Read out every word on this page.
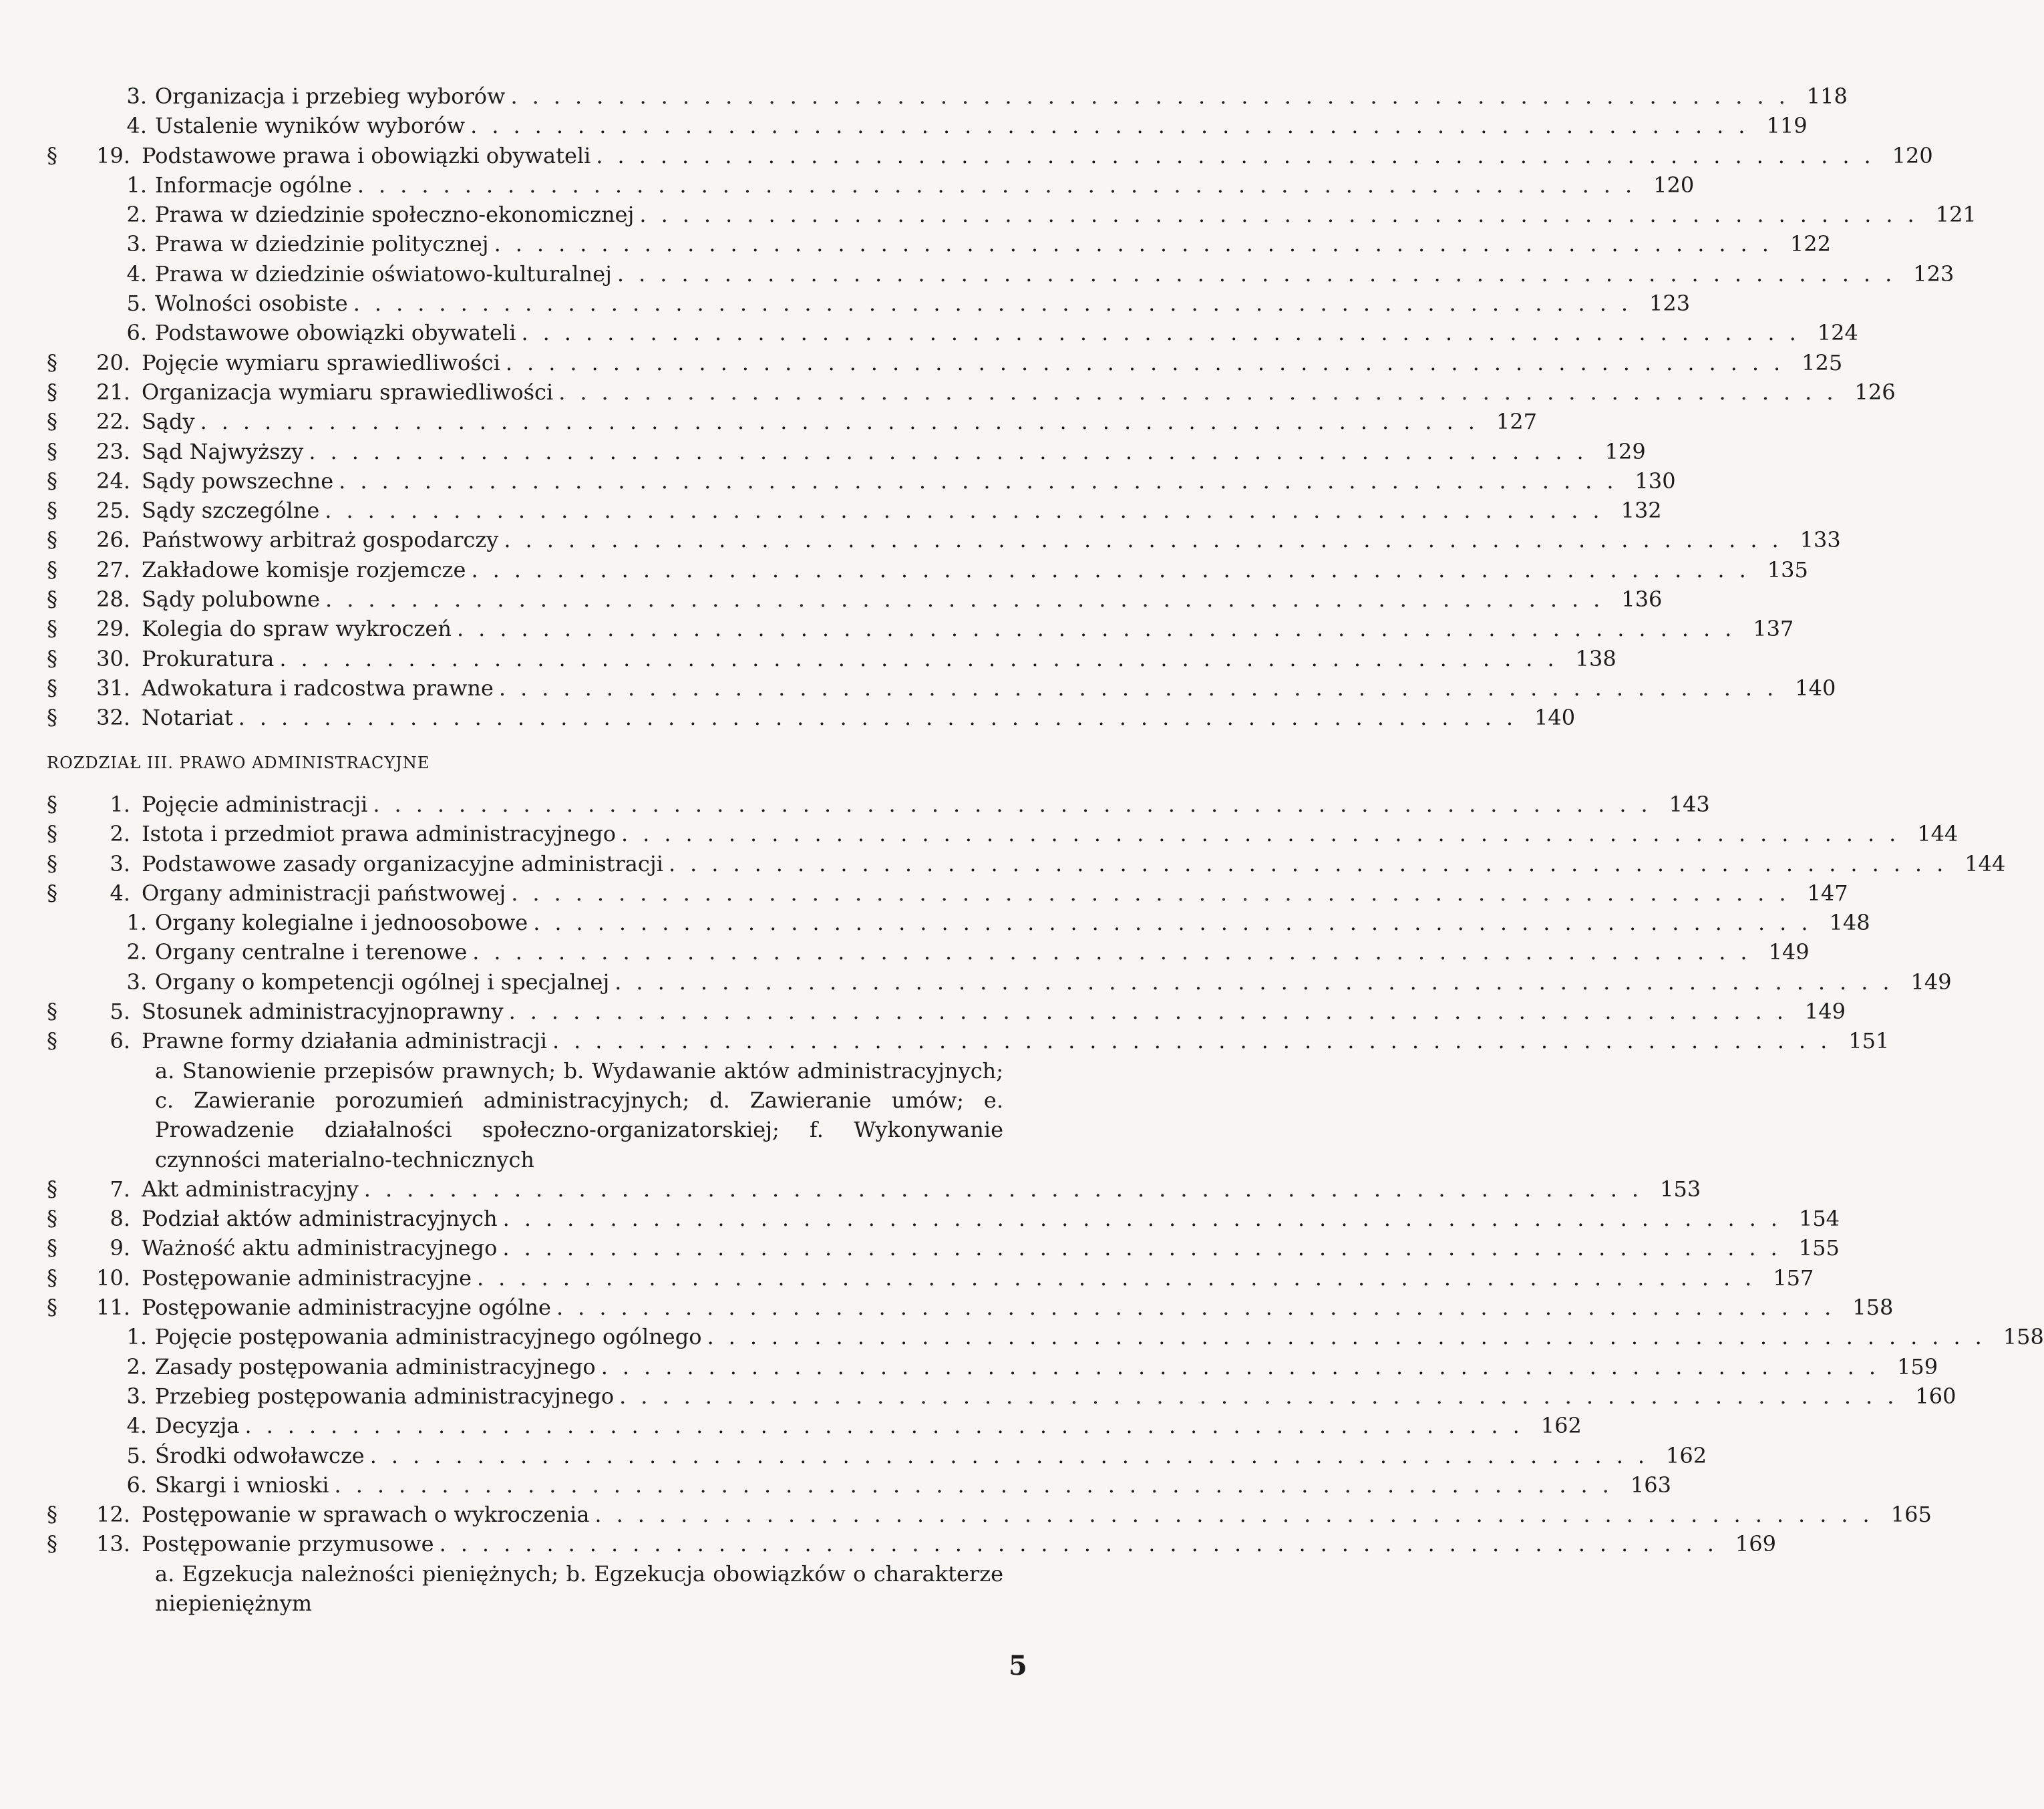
3. Organizacja i przebieg wyborów ............................................................ 118
4. Ustalenie wyników wyborów ............................................................ 119
§	19. Podstawowe prawa i obowiązki obywateli ............................................................ 120
1. Informacje ogólne ............................................................ 120
2. Prawa w dziedzinie społeczno-ekonomicznej ............................................................ 121
3. Prawa w dziedzinie politycznej ............................................................ 122
4. Prawa w dziedzinie oświatowo-kulturalnej ............................................................ 123
5. Wolności osobiste ............................................................ 123
6. Podstawowe obowiązki obywateli ............................................................ 124
§	20. Pojęcie wymiaru sprawiedliwości ............................................................ 125
§	21. Organizacja wymiaru sprawiedliwości ............................................................ 126
§	22. Sądy ............................................................ 127
§	23. Sąd Najwyższy ............................................................ 129
§	24. Sądy powszechne ............................................................ 130
§	25. Sądy szczególne ............................................................ 132
§	26. Państwowy arbitraż gospodarczy ............................................................ 133
§	27. Zakładowe komisje rozjemcze ............................................................ 135
§	28. Sądy polubowne ............................................................ 136
§	29. Kolegia do spraw wykroczeń ............................................................ 137
§	30. Prokuratura ............................................................ 138
§	31. Adwokatura i radcostwa prawne ............................................................ 140
§	32. Notariat ............................................................ 140
ROZDZIAŁ III. PRAWO ADMINISTRACYJNE
§	1. Pojęcie administracji ............................................................ 143
§	2. Istota i przedmiot prawa administracyjnego ............................................................ 144
§	3. Podstawowe zasady organizacyjne administracji ............................................................ 144
§	4. Organy administracji państwowej ............................................................ 147
1. Organy kolegialne i jednoosobowe ............................................................ 148
2. Organy centralne i terenowe ............................................................ 149
3. Organy o kompetencji ogólnej i specjalnej ............................................................ 149
§	5. Stosunek administracyjnoprawny ............................................................ 149
§	6. Prawne formy działania administracji ............................................................ 151
a. Stanowienie przepisów prawnych; b. Wydawanie aktów administracyjnych; c. Zawieranie porozumień administracyjnych; d. Zawieranie umów; e. Prowadzenie działalności społeczno-organizatorskiej; f. Wykonywanie czynności materialno-technicznych
§	7. Akt administracyjny ............................................................ 153
§	8. Podział aktów administracyjnych ............................................................ 154
§	9. Ważność aktu administracyjnego ............................................................ 155
§	10. Postępowanie administracyjne ............................................................ 157
§	11. Postępowanie administracyjne ogólne ............................................................ 158
1. Pojęcie postępowania administracyjnego ogólnego ............................................................ 158
2. Zasady postępowania administracyjnego ............................................................ 159
3. Przebieg postępowania administracyjnego ............................................................ 160
4. Decyzja ............................................................ 162
5. Środki odwoławcze ............................................................ 162
6. Skargi i wnioski ............................................................ 163
§	12. Postępowanie w sprawach o wykroczenia ............................................................ 165
§	13. Postępowanie przymusowe ............................................................ 169
a. Egzekucja należności pieniężnych; b. Egzekucja obowiązków o charakterze niepieniężnym
5
